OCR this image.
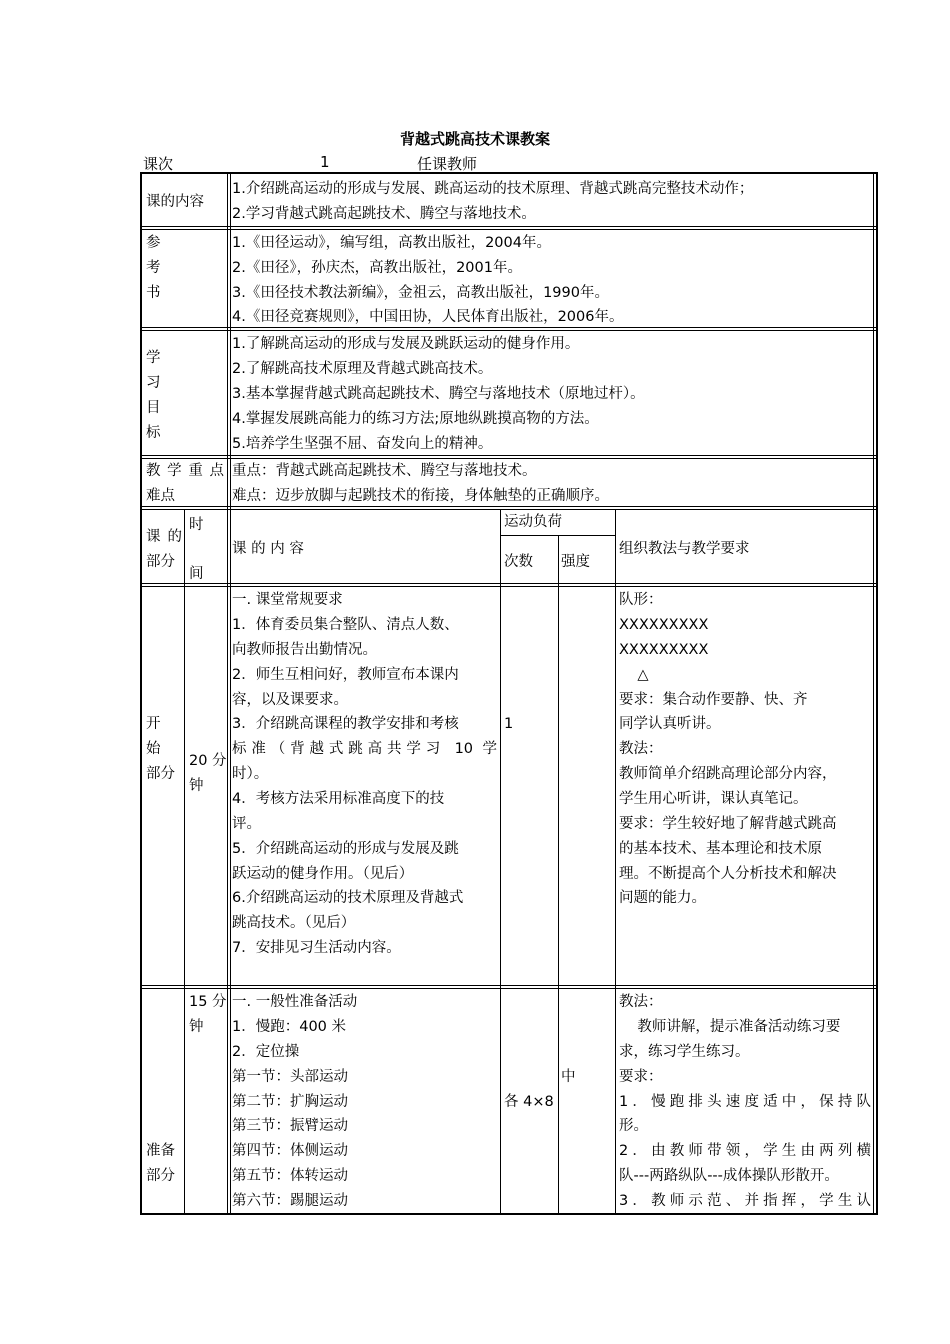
背越式跳高技术课教案
课次	1	任课教师
课的内容
1.介绍跳高运动的形成与发展、跳高运动的技术原理、背越式跳高完整技术动作；
2.学习背越式跳高起跳技术、腾空与落地技术。
参
考
书
1.《田径运动》，编写组，高教出版社，2004年。
2.《田径》，孙庆杰，高教出版社，2001年。
3.《田径技术教法新编》，金祖云，高教出版社，1990年。
4.《田径竞赛规则》，中国田协，人民体育出版社，2006年。
学
习
目
标
1.了解跳高运动的形成与发展及跳跃运动的健身作用。
2.了解跳高技术原理及背越式跳高技术。
3.基本掌握背越式跳高起跳技术、腾空与落地技术（原地过杆）。
4.掌握发展跳高能力的练习方法;原地纵跳摸高物的方法。
5.培养学生坚强不屈、奋发向上的精神。
教 学 重 点
难点
重点：背越式跳高起跳技术、腾空与落地技术。
难点：迈步放脚与起跳技术的衔接，身体触垫的正确顺序。
课 的
部分
时
间
课 的 内 容
运动负荷
次数 强度
组织教法与教学要求
开
始
部分
20 分
钟
一. 课堂常规要求
1．体育委员集合整队、清点人数、
向教师报告出勤情况。
2．师生互相问好，教师宣布本课内
容，以及课要求。
3．介绍跳高课程的教学安排和考核
标准（背越式跳高共学习 10 学
时）。
4．考核方法采用标准高度下的技
评。
5．介绍跳高运动的形成与发展及跳
跃运动的健身作用。（见后）
6.介绍跳高运动的技术原理及背越式
跳高技术。（见后）
7．安排见习生活动内容。
1
队形：
XXXXXXXXX
XXXXXXXXX
△
要求：集合动作要静、快、齐
同学认真听讲。
教法：
教师简单介绍跳高理论部分内容，
学生用心听讲，课认真笔记。
要求：学生较好地了解背越式跳高
的基本技术、基本理论和技术原
理。不断提高个人分析技术和解决
问题的能力。
准备
部分
15 分
钟
一. 一般性准备活动
1．慢跑：400 米
2．定位操
第一节：头部运动
第二节：扩胸运动
第三节：振臂运动
第四节：体侧运动
第五节：体转运动
第六节：踢腿运动
各 4×8
中
教法：
教师讲解，提示准备活动练习要
求，练习学生练习。
要求：
1．慢跑排头速度适中，保持队
形。
2．由教师带领，学生由两列横
队---两路纵队---成体操队形散开。
3．教师示范、并指挥，学生认
